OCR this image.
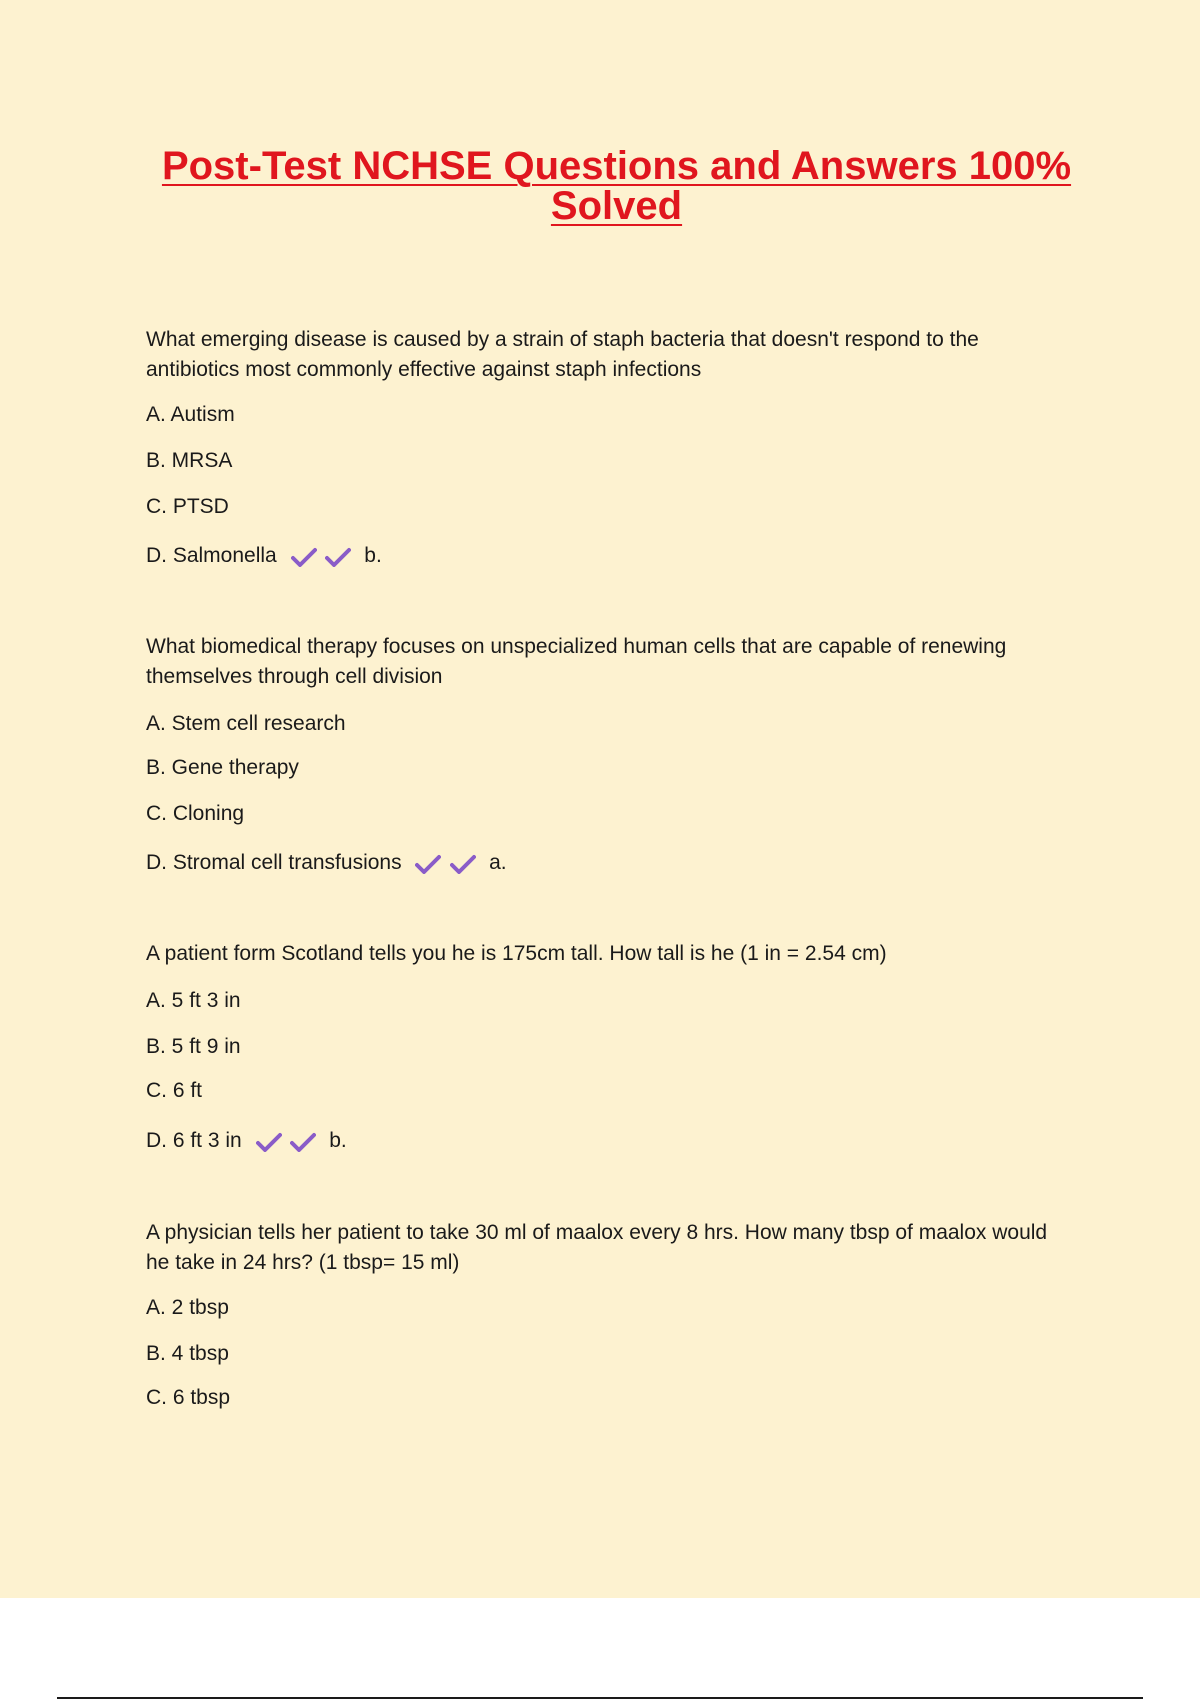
Post-Test NCHSE Questions and Answers 100%
Solved

What emerging disease is caused by a strain of staph bacteria that doesn't respond to the antibiotics most commonly effective against staph infections

A. Autism

B. MRSA

C. PTSD

D. Salmonella	b.

What biomedical therapy focuses on unspecialized human cells that are capable of renewing themselves through cell division

A. Stem cell research

B. Gene therapy

C. Cloning

D. Stromal cell transfusions	a.

A patient form Scotland tells you he is 175cm tall. How tall is he (1 in = 2.54 cm)

A. 5 ft 3 in

B. 5 ft 9 in

C. 6 ft

D. 6 ft 3 in	b.

A physician tells her patient to take 30 ml of maalox every 8 hrs. How many tbsp of maalox would he take in 24 hrs? (1 tbsp= 15 ml)

A. 2 tbsp

B. 4 tbsp

C. 6 tbsp
